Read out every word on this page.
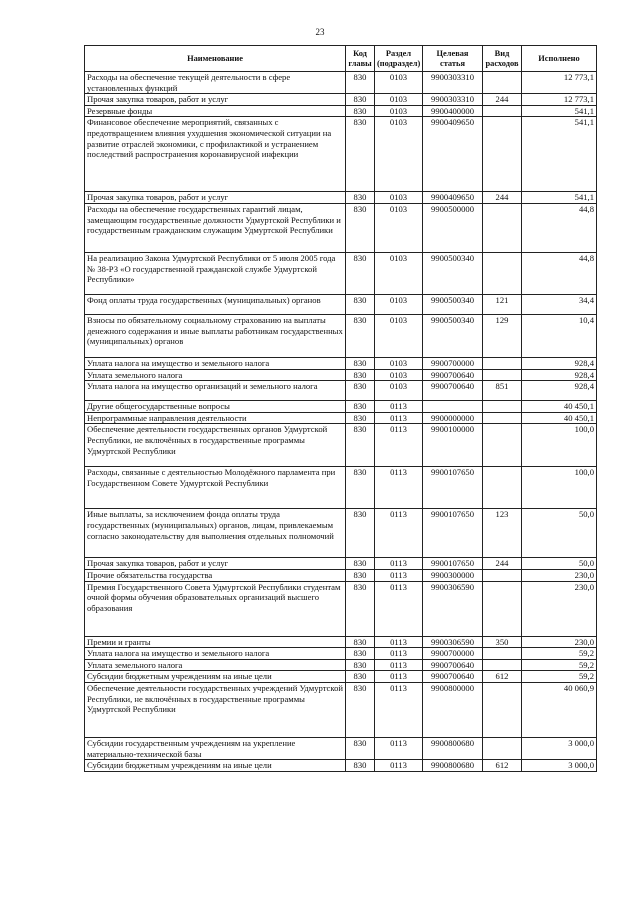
23
Наименование	Код главы	Раздел (подраздел)	Целевая статья	Вид расходов	Исполнено
Расходы на обеспечение текущей деятельности в сфере установленных функций	830	0103	9900303310		12 773,1
Прочая закупка товаров, работ и услуг	830	0103	9900303310	244	12 773,1
Резервные фонды	830	0103	9900400000		541,1
Финансовое обеспечение мероприятий, связанных с предотвращением влияния ухудшения экономической ситуации на развитие отраслей экономики, с профилактикой и устранением последствий распространения коронавирусной инфекции	830	0103	9900409650		541,1
Прочая закупка товаров, работ и услуг	830	0103	9900409650	244	541,1
Расходы на обеспечение государственных гарантий лицам, замещающим государственные должности Удмуртской Республики и государственным гражданским служащим Удмуртской Республики	830	0103	9900500000		44,8
На реализацию Закона Удмуртской Республики от 5 июля 2005 года № 38-РЗ «О государственной гражданской службе Удмуртской Республики»	830	0103	9900500340		44,8
Фонд оплаты труда государственных (муниципальных) органов	830	0103	9900500340	121	34,4
Взносы по обязательному социальному страхованию на выплаты денежного содержания и иные выплаты работникам государственных (муниципальных) органов	830	0103	9900500340	129	10,4
Уплата налога на имущество и земельного налога	830	0103	9900700000		928,4
Уплата земельного налога	830	0103	9900700640		928,4
Уплата налога на имущество организаций и земельного налога	830	0103	9900700640	851	928,4
Другие общегосударственные вопросы	830	0113			40 450,1
Непрограммные направления деятельности	830	0113	9900000000		40 450,1
Обеспечение деятельности государственных органов Удмуртской Республики, не включённых в государственные программы Удмуртской Республики	830	0113	9900100000		100,0
Расходы, связанные с деятельностью Молодёжного парламента при Государственном Совете Удмуртской Республики	830	0113	9900107650		100,0
Иные выплаты, за исключением фонда оплаты труда государственных (муниципальных) органов, лицам, привлекаемым согласно законодательству для выполнения отдельных полномочий	830	0113	9900107650	123	50,0
Прочая закупка товаров, работ и услуг	830	0113	9900107650	244	50,0
Прочие обязательства государства	830	0113	9900300000		230,0
Премия Государственного Совета Удмуртской Республики студентам очной формы обучения образовательных организаций высшего образования	830	0113	9900306590		230,0
Премии и гранты	830	0113	9900306590	350	230,0
Уплата налога на имущество и земельного налога	830	0113	9900700000		59,2
Уплата земельного налога	830	0113	9900700640		59,2
Субсидии бюджетным учреждениям на иные цели	830	0113	9900700640	612	59,2
Обеспечение деятельности государственных учреждений Удмуртской Республики, не включённых в государственные программы Удмуртской Республики	830	0113	9900800000		40 060,9
Субсидии государственным учреждениям на укрепление материально-технической базы	830	0113	9900800680		3 000,0
Субсидии бюджетным учреждениям на иные цели	830	0113	9900800680	612	3 000,0
